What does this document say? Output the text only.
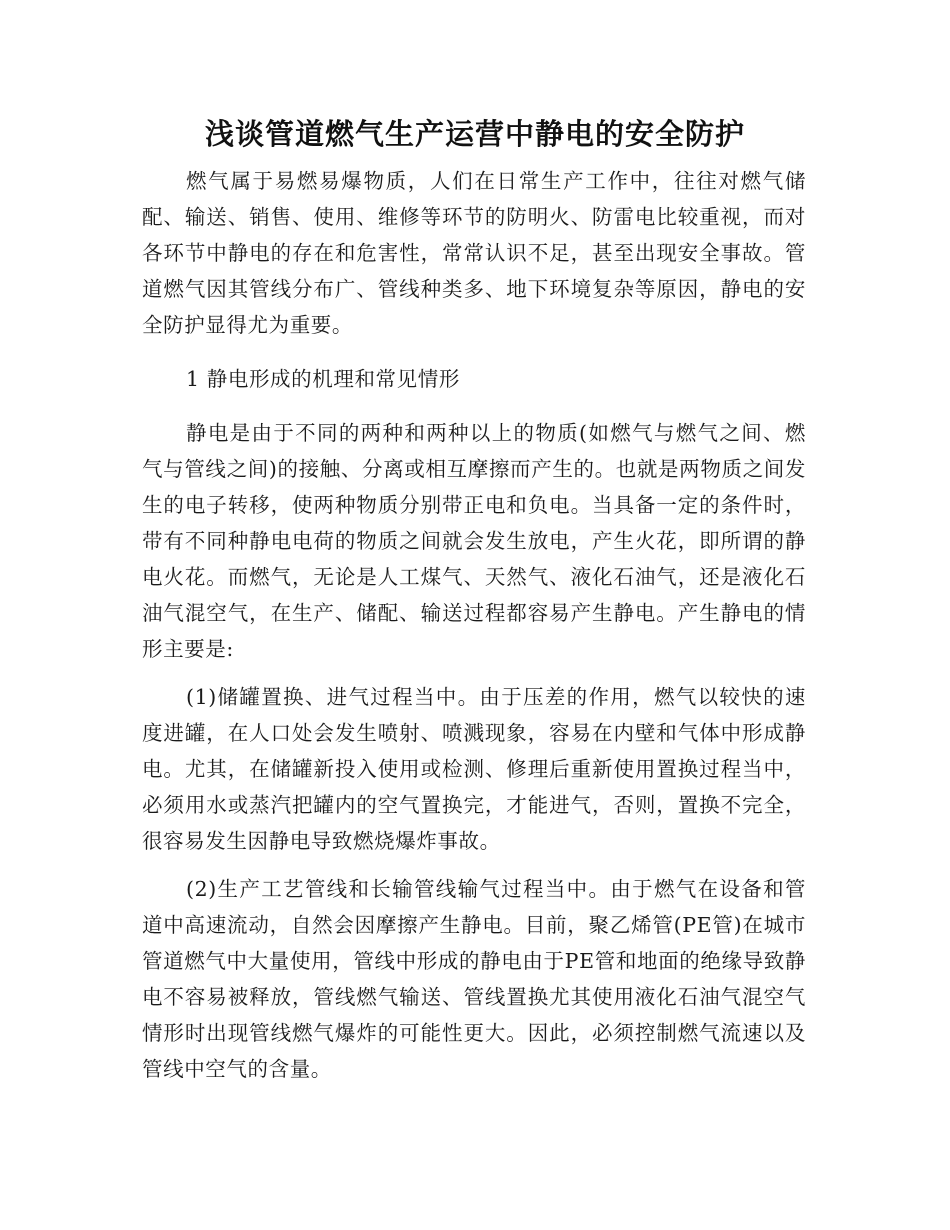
浅谈管道燃气生产运营中静电的安全防护

燃气属于易燃易爆物质，人们在日常生产工作中，往往对燃气储配、输送、销售、使用、维修等环节的防明火、防雷电比较重视，而对各环节中静电的存在和危害性，常常认识不足，甚至出现安全事故。管道燃气因其管线分布广、管线种类多、地下环境复杂等原因，静电的安全防护显得尤为重要。

1 静电形成的机理和常见情形

静电是由于不同的两种和两种以上的物质(如燃气与燃气之间、燃气与管线之间)的接触、分离或相互摩擦而产生的。也就是两物质之间发生的电子转移，使两种物质分别带正电和负电。当具备一定的条件时，带有不同种静电电荷的物质之间就会发生放电，产生火花，即所谓的静电火花。而燃气，无论是人工煤气、天然气、液化石油气，还是液化石油气混空气，在生产、储配、输送过程都容易产生静电。产生静电的情形主要是:

(1)储罐置换、进气过程当中。由于压差的作用，燃气以较快的速度进罐，在人口处会发生喷射、喷溅现象，容易在内壁和气体中形成静电。尤其，在储罐新投入使用或检测、修理后重新使用置换过程当中，必须用水或蒸汽把罐内的空气置换完，才能进气，否则，置换不完全，很容易发生因静电导致燃烧爆炸事故。

(2)生产工艺管线和长输管线输气过程当中。由于燃气在设备和管道中高速流动，自然会因摩擦产生静电。目前，聚乙烯管(PE管)在城市管道燃气中大量使用，管线中形成的静电由于PE管和地面的绝缘导致静电不容易被释放，管线燃气输送、管线置换尤其使用液化石油气混空气情形时出现管线燃气爆炸的可能性更大。因此，必须控制燃气流速以及管线中空气的含量。
